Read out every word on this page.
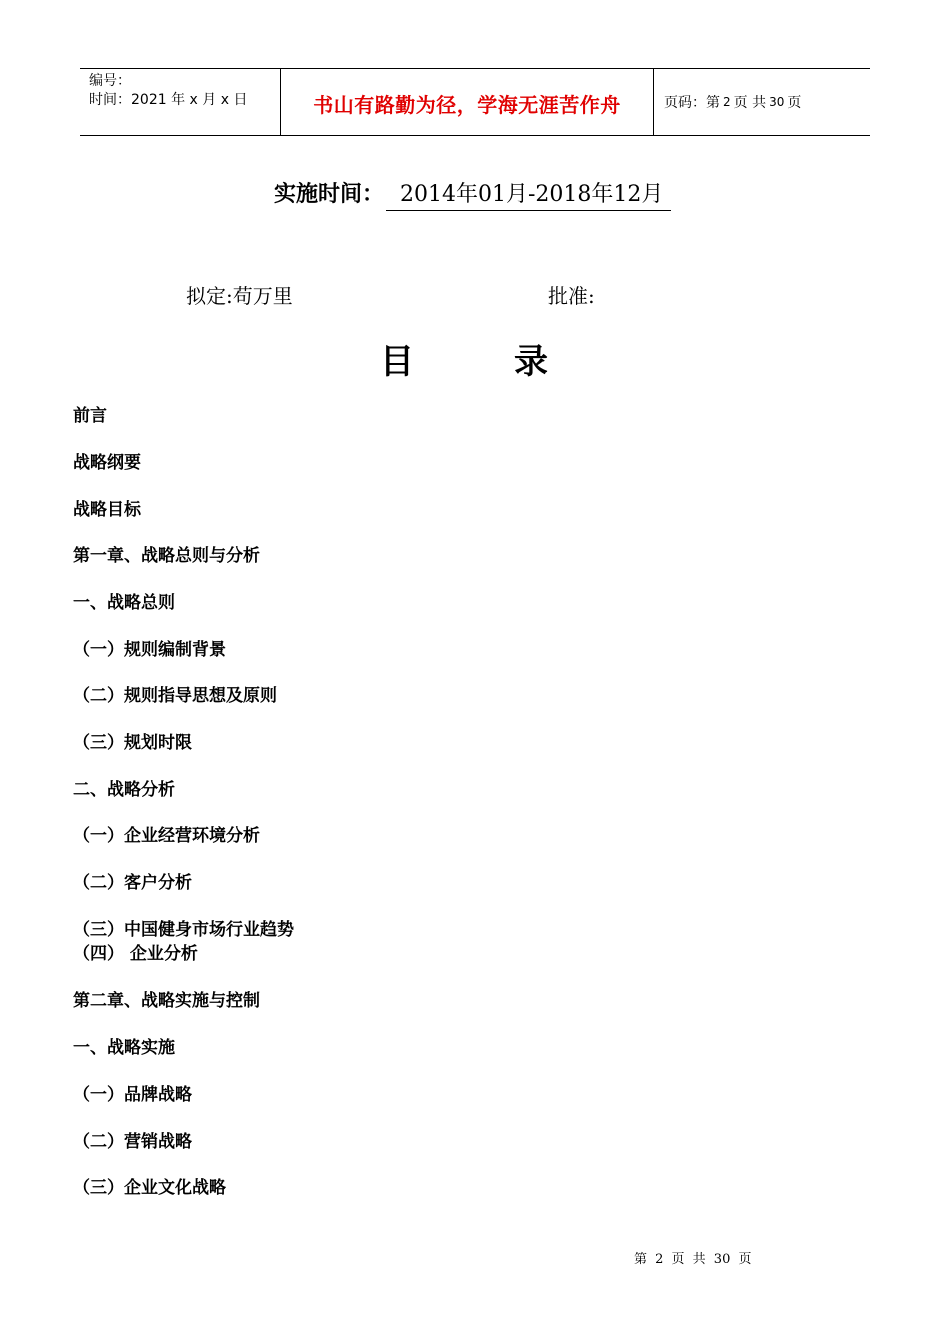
编号：
时间：2021 年 x 月 x 日	书山有路勤为径，学海无涯苦作舟	页码：第 2 页 共 30 页
实施时间： 2014年01月-2018年12月
拟定:苟万里	批准:
目录
前言
战略纲要
战略目标
第一章、战略总则与分析
一、战略总则
（一）规则编制背景
（二）规则指导思想及原则
（三）规划时限
二、战略分析
（一）企业经营环境分析
（二）客户分析
（三）中国健身市场行业趋势
（四） 企业分析
第二章、战略实施与控制
一、战略实施
（一）品牌战略
（二）营销战略
（三）企业文化战略
第 2 页 共 30 页
